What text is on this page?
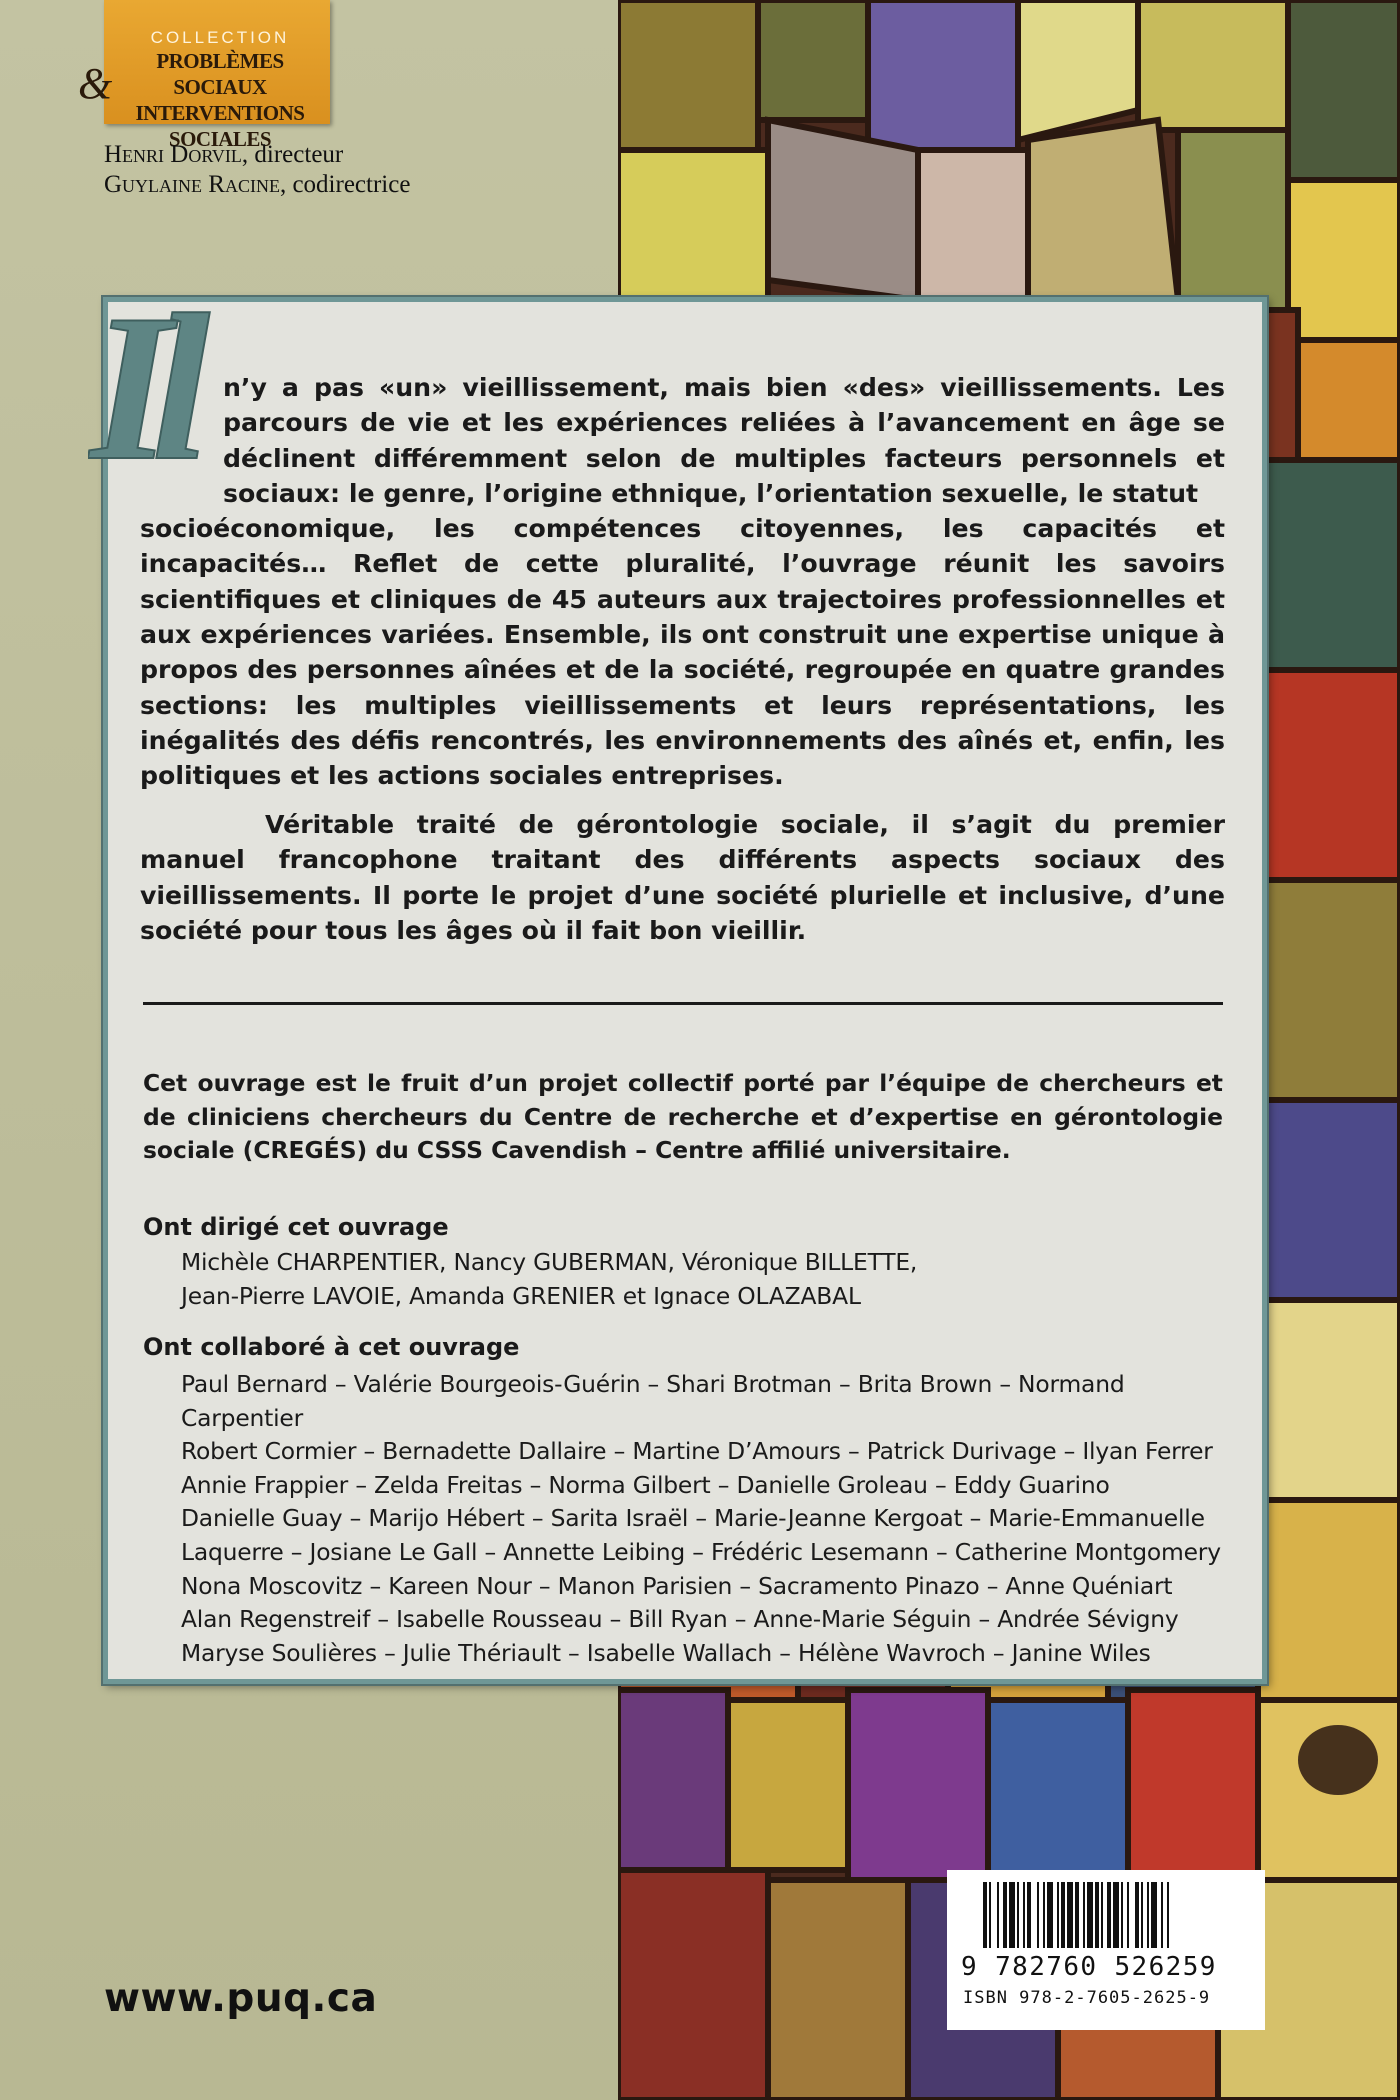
COLLECTION
PROBLÈMES SOCIAUX
INTERVENTIONS SOCIALES
&
Henri Dorvil, directeur
Guylaine Racine, codirectrice
Il	n’y a pas «un» vieillissement, mais bien «des» vieillissements. Les parcours de vie et les expériences reliées à l’avancement en âge se déclinent différemment selon de multiples facteurs personnels et sociaux: le genre, l’origine ethnique, l’orientation sexuelle, le statut
socioéconomique, les compétences citoyennes, les capacités et incapacités… Reflet de cette pluralité, l’ouvrage réunit les savoirs scientifiques et cliniques de 45 auteurs aux trajectoires professionnelles et aux expériences variées. Ensemble, ils ont construit une expertise unique à propos des personnes aînées et de la société, regroupée en quatre grandes sections: les multiples vieillissements et leurs représentations, les inégalités des défis rencontrés, les environnements des aînés et, enfin, les politiques et les actions sociales entreprises.
Véritable traité de gérontologie sociale, il s’agit du premier manuel francophone traitant des différents aspects sociaux des vieillissements. Il porte le projet d’une société plurielle et inclusive, d’une société pour tous les âges où il fait bon vieillir.
Cet ouvrage est le fruit d’un projet collectif porté par l’équipe de chercheurs et de cliniciens chercheurs du Centre de recherche et d’expertise en gérontologie sociale (CREGÉS) du CSSS Cavendish – Centre affilié universitaire.
Ont dirigé cet ouvrage
Michèle CHARPENTIER, Nancy GUBERMAN, Véronique BILLETTE,
Jean-Pierre LAVOIE, Amanda GRENIER et Ignace OLAZABAL
Ont collaboré à cet ouvrage
Paul Bernard – Valérie Bourgeois-Guérin – Shari Brotman – Brita Brown – Normand Carpentier
Robert Cormier – Bernadette Dallaire – Martine D’Amours – Patrick Durivage – Ilyan Ferrer
Annie Frappier – Zelda Freitas – Norma Gilbert – Danielle Groleau – Eddy Guarino
Danielle Guay – Marijo Hébert – Sarita Israël – Marie-Jeanne Kergoat – Marie-Emmanuelle
Laquerre – Josiane Le Gall – Annette Leibing – Frédéric Lesemann – Catherine Montgomery
Nona Moscovitz – Kareen Nour – Manon Parisien – Sacramento Pinazo – Anne Quéniart
Alan Regenstreif – Isabelle Rousseau – Bill Ryan – Anne-Marie Séguin – Andrée Sévigny
Maryse Soulières – Julie Thériault – Isabelle Wallach – Hélène Wavroch – Janine Wiles
9 782760 526259
ISBN 978-2-7605-2625-9
www.puq.ca
